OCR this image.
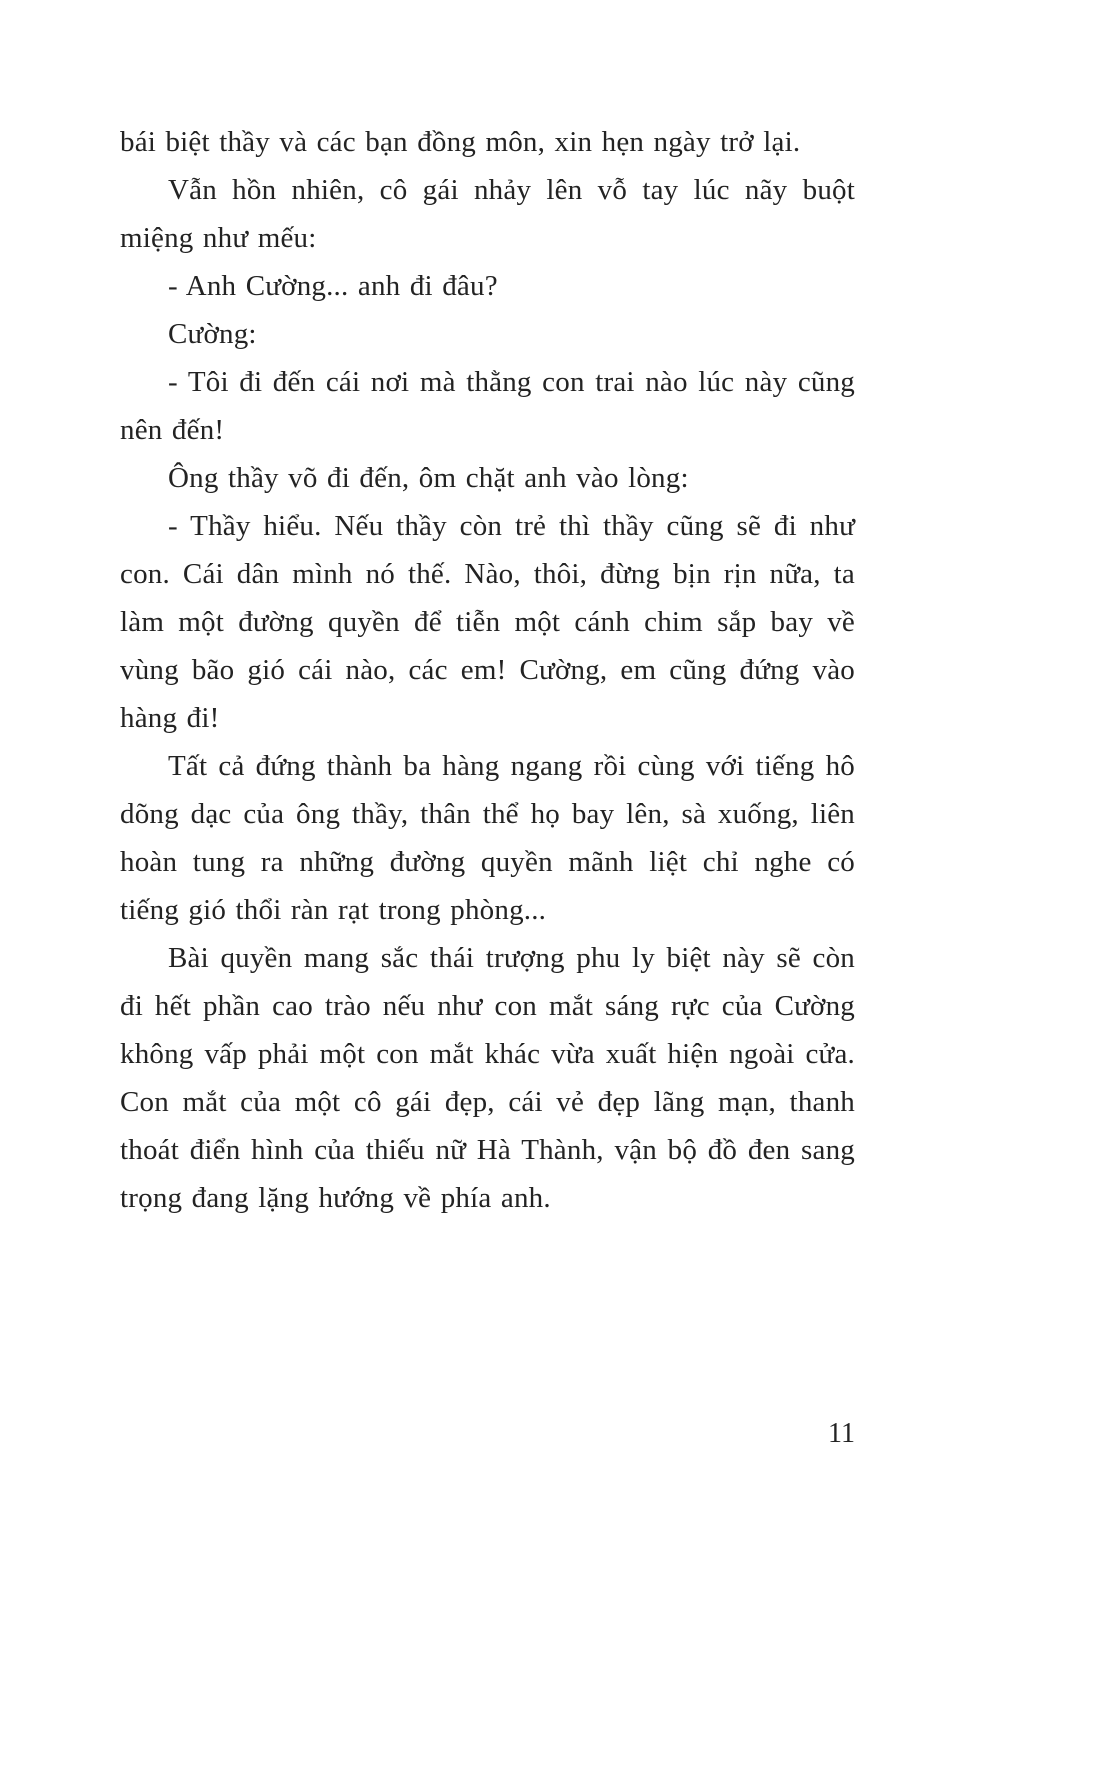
bái biệt thầy và các bạn đồng môn, xin hẹn ngày trở lại.

Vẫn hồn nhiên, cô gái nhảy lên vỗ tay lúc nãy buột miệng như mếu:

- Anh Cường... anh đi đâu?

Cường:

- Tôi đi đến cái nơi mà thằng con trai nào lúc này cũng nên đến!

Ông thầy võ đi đến, ôm chặt anh vào lòng:

- Thầy hiểu. Nếu thầy còn trẻ thì thầy cũng sẽ đi như con. Cái dân mình nó thế. Nào, thôi, đừng bịn rịn nữa, ta làm một đường quyền để tiễn một cánh chim sắp bay về vùng bão gió cái nào, các em! Cường, em cũng đứng vào hàng đi!

Tất cả đứng thành ba hàng ngang rồi cùng với tiếng hô dõng dạc của ông thầy, thân thể họ bay lên, sà xuống, liên hoàn tung ra những đường quyền mãnh liệt chỉ nghe có tiếng gió thổi ràn rạt trong phòng...

Bài quyền mang sắc thái trượng phu ly biệt này sẽ còn đi hết phần cao trào nếu như con mắt sáng rực của Cường không vấp phải một con mắt khác vừa xuất hiện ngoài cửa. Con mắt của một cô gái đẹp, cái vẻ đẹp lãng mạn, thanh thoát điển hình của thiếu nữ Hà Thành, vận bộ đồ đen sang trọng đang lặng hướng về phía anh.

11
